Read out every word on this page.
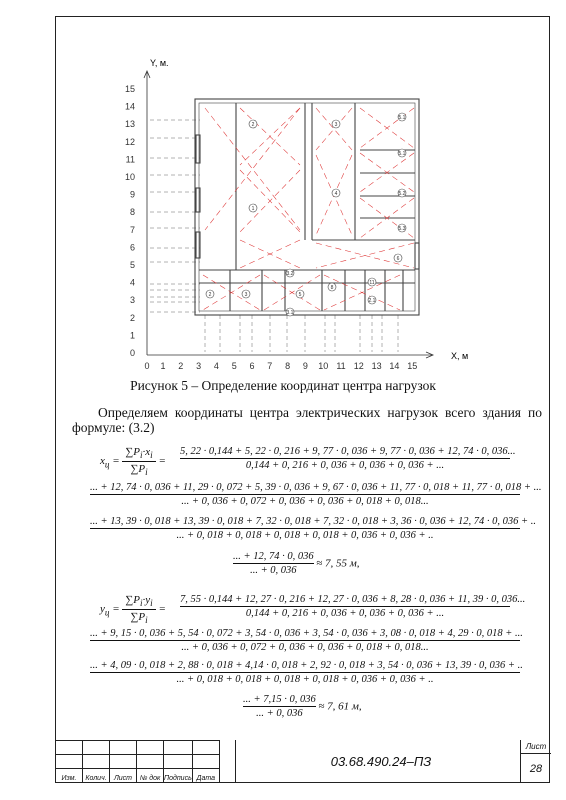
Y, м.
X, м
15
14
13
12
11
10
9
8
7
6
5
4
3
2
1
0
1 2 3 4 5 6 7 8 9 10 11 12 13 14 15
0
2	3
5.1
5.1
5.2
5.3
1
4
6
3.2
2	3	5
8
11
2.1
3.1
Рисунок 5 – Определение координат центра нагрузок
Определяем координаты центра электрических нагрузок всего здания по формуле: (3.2)
$x_ц = \frac{\sum P_i\cdot x_i}{\sum P_i}$ =
5, 22 · 0,144 + 5, 22 · 0, 216 + 9, 77 · 0, 036 + 9, 77 · 0, 036 + 12, 74 · 0, 036...
0,144 + 0, 216 + 0, 036 + 0, 036 + 0, 036 + ...
... + 12, 74 · 0, 036 + 11, 29 · 0, 072 + 5, 39 · 0, 036 + 9, 67 · 0, 036 + 11, 77 · 0, 018 + 11, 77 · 0, 018 + ...
... + 0, 036 + 0, 072 + 0, 036 + 0, 036 + 0, 018 + 0, 018...
... + 13, 39 · 0, 018 + 13, 39 · 0, 018 + 7, 32 · 0, 018 + 7, 32 · 0, 018 + 3, 36 · 0, 036 + 12, 74 · 0, 036 + ..
... + 0, 018 + 0, 018 + 0, 018 + 0, 018 + 0, 036 + 0, 036 + ..
$\frac{... + 12, 74 \cdot 0, 036}{... + 0, 036} \approx 7$, 55 м,
$y_ц = \frac{\sum P_i\cdot y_i}{\sum P_i}$ =
7, 55 · 0,144 + 12, 27 · 0, 216 + 12, 27 · 0, 036 + 8, 28 · 0, 036 + 11, 39 · 0, 036...
0,144 + 0, 216 + 0, 036 + 0, 036 + 0, 036 + ...
... + 9, 15 · 0, 036 + 5, 54 · 0, 072 + 3, 54 · 0, 036 + 3, 54 · 0, 036 + 3, 08 · 0, 018 + 4, 29 · 0, 018 + ...
... + 0, 036 + 0, 072 + 0, 036 + 0, 036 + 0, 018 + 0, 018...
... + 4, 09 · 0, 018 + 2, 88 · 0, 018 + 4,14 · 0, 018 + 2, 92 · 0, 018 + 3, 54 · 0, 036 + 13, 39 · 0, 036 + ..
... + 0, 018 + 0, 018 + 0, 018 + 0, 018 + 0, 036 + 0, 036 + ..
$\frac{... + 7,15 \cdot 0, 036}{... + 0, 036} \approx 7$, 61 м,

Изм.	Колич.	Лист	№ док	Подпись	Дата
03.68.490.24–ПЗ
Лист
28
